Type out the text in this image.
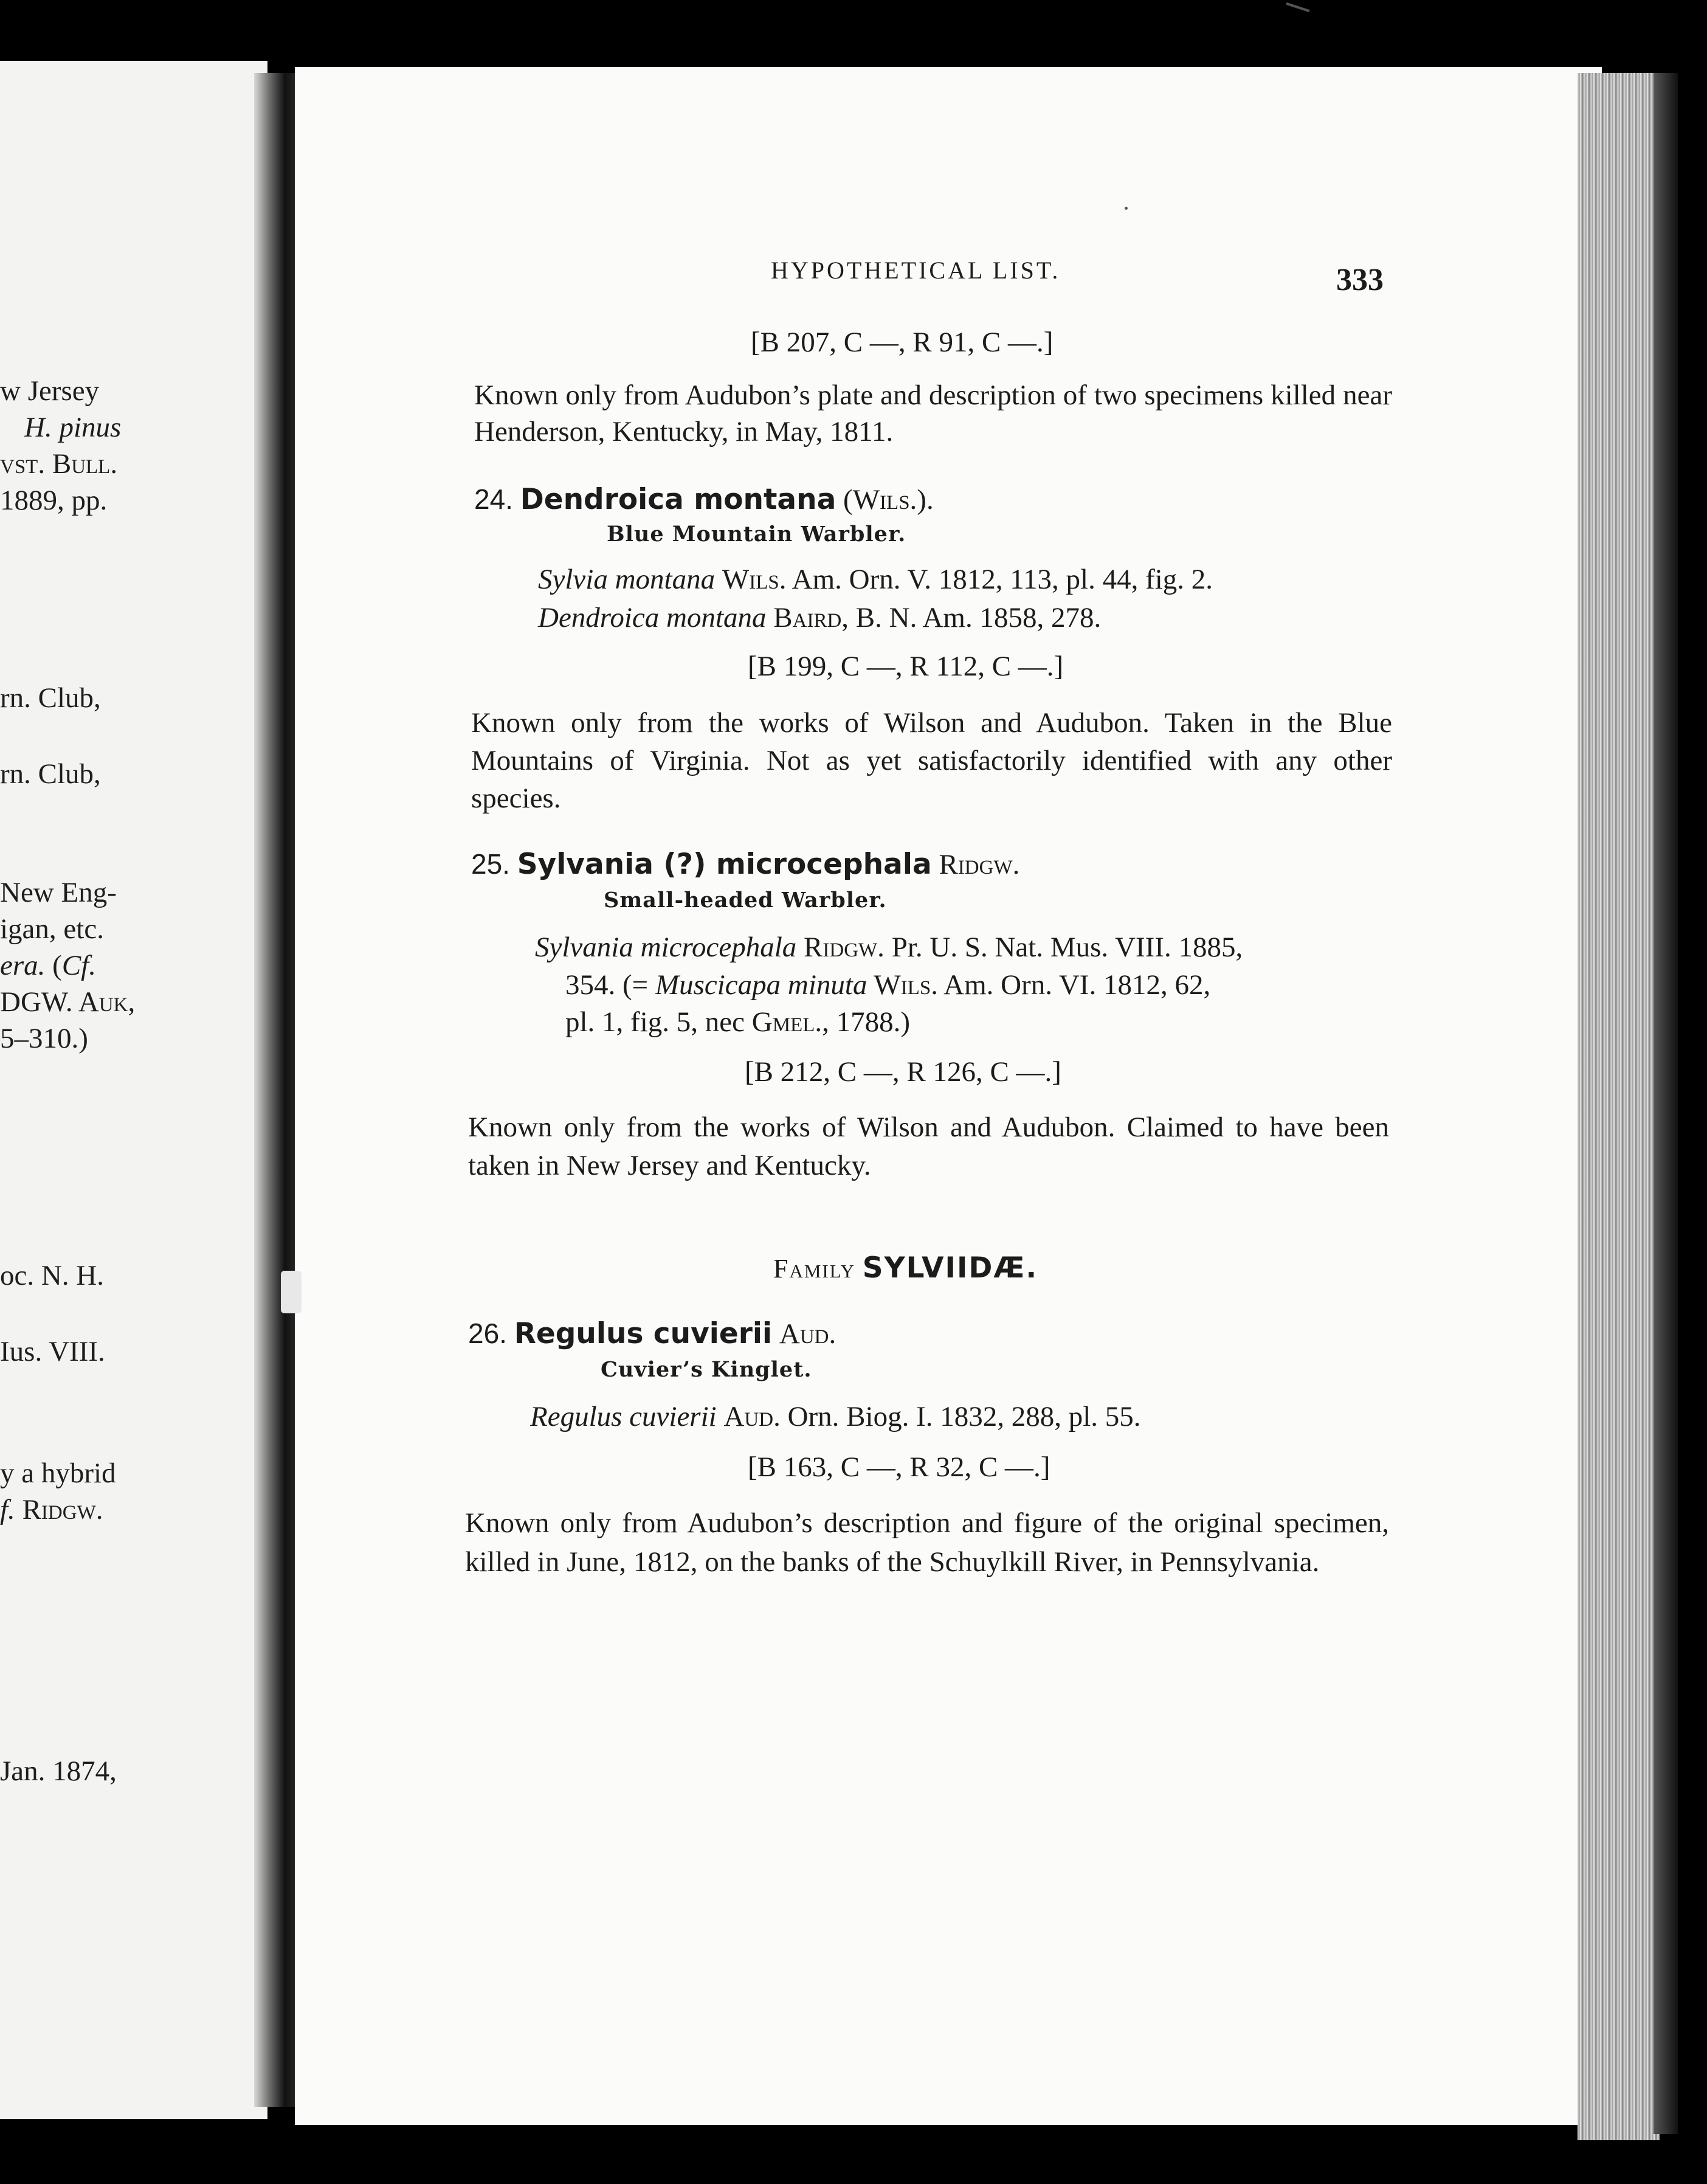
w Jersey
H. pinus
vst. Bull.
1889, pp.
rn. Club,
rn. Club,
New Eng-
igan, etc.
era. (Cf.
DGW. Auk,
5–310.)
oc. N. H.
Ius. VIII.
y a hybrid
f. Ridgw.
Jan. 1874,
HYPOTHETICAL LIST.	333
[B 207, C —, R 91, C —.]
Known only from Audubon’s plate and description of two specimens killed near Henderson, Kentucky, in May, 1811.
24. Dendroica montana (Wils.).
Blue Mountain Warbler.
Sylvia montana Wils. Am. Orn. V. 1812, 113, pl. 44, fig. 2.
Dendroica montana Baird, B. N. Am. 1858, 278.
[B 199, C —, R 112, C —.]
Known only from the works of Wilson and Audubon. Taken in the Blue Mountains of Virginia. Not as yet satisfactorily identified with any other species.
25. Sylvania (?) microcephala Ridgw.
Small-headed Warbler.
Sylvania microcephala Ridgw. Pr. U. S. Nat. Mus. VIII. 1885,
354. (= Muscicapa minuta Wils. Am. Orn. VI. 1812, 62,
pl. 1, fig. 5, nec Gmel., 1788.)
[B 212, C —, R 126, C —.]
Known only from the works of Wilson and Audubon. Claimed to have been taken in New Jersey and Kentucky.
Family SYLVIIDÆ.
26. Regulus cuvierii Aud.
Cuvier’s Kinglet.
Regulus cuvierii Aud. Orn. Biog. I. 1832, 288, pl. 55.
[B 163, C —, R 32, C —.]
Known only from Audubon’s description and figure of the original specimen, killed in June, 1812, on the banks of the Schuylkill River, in Pennsylvania.
